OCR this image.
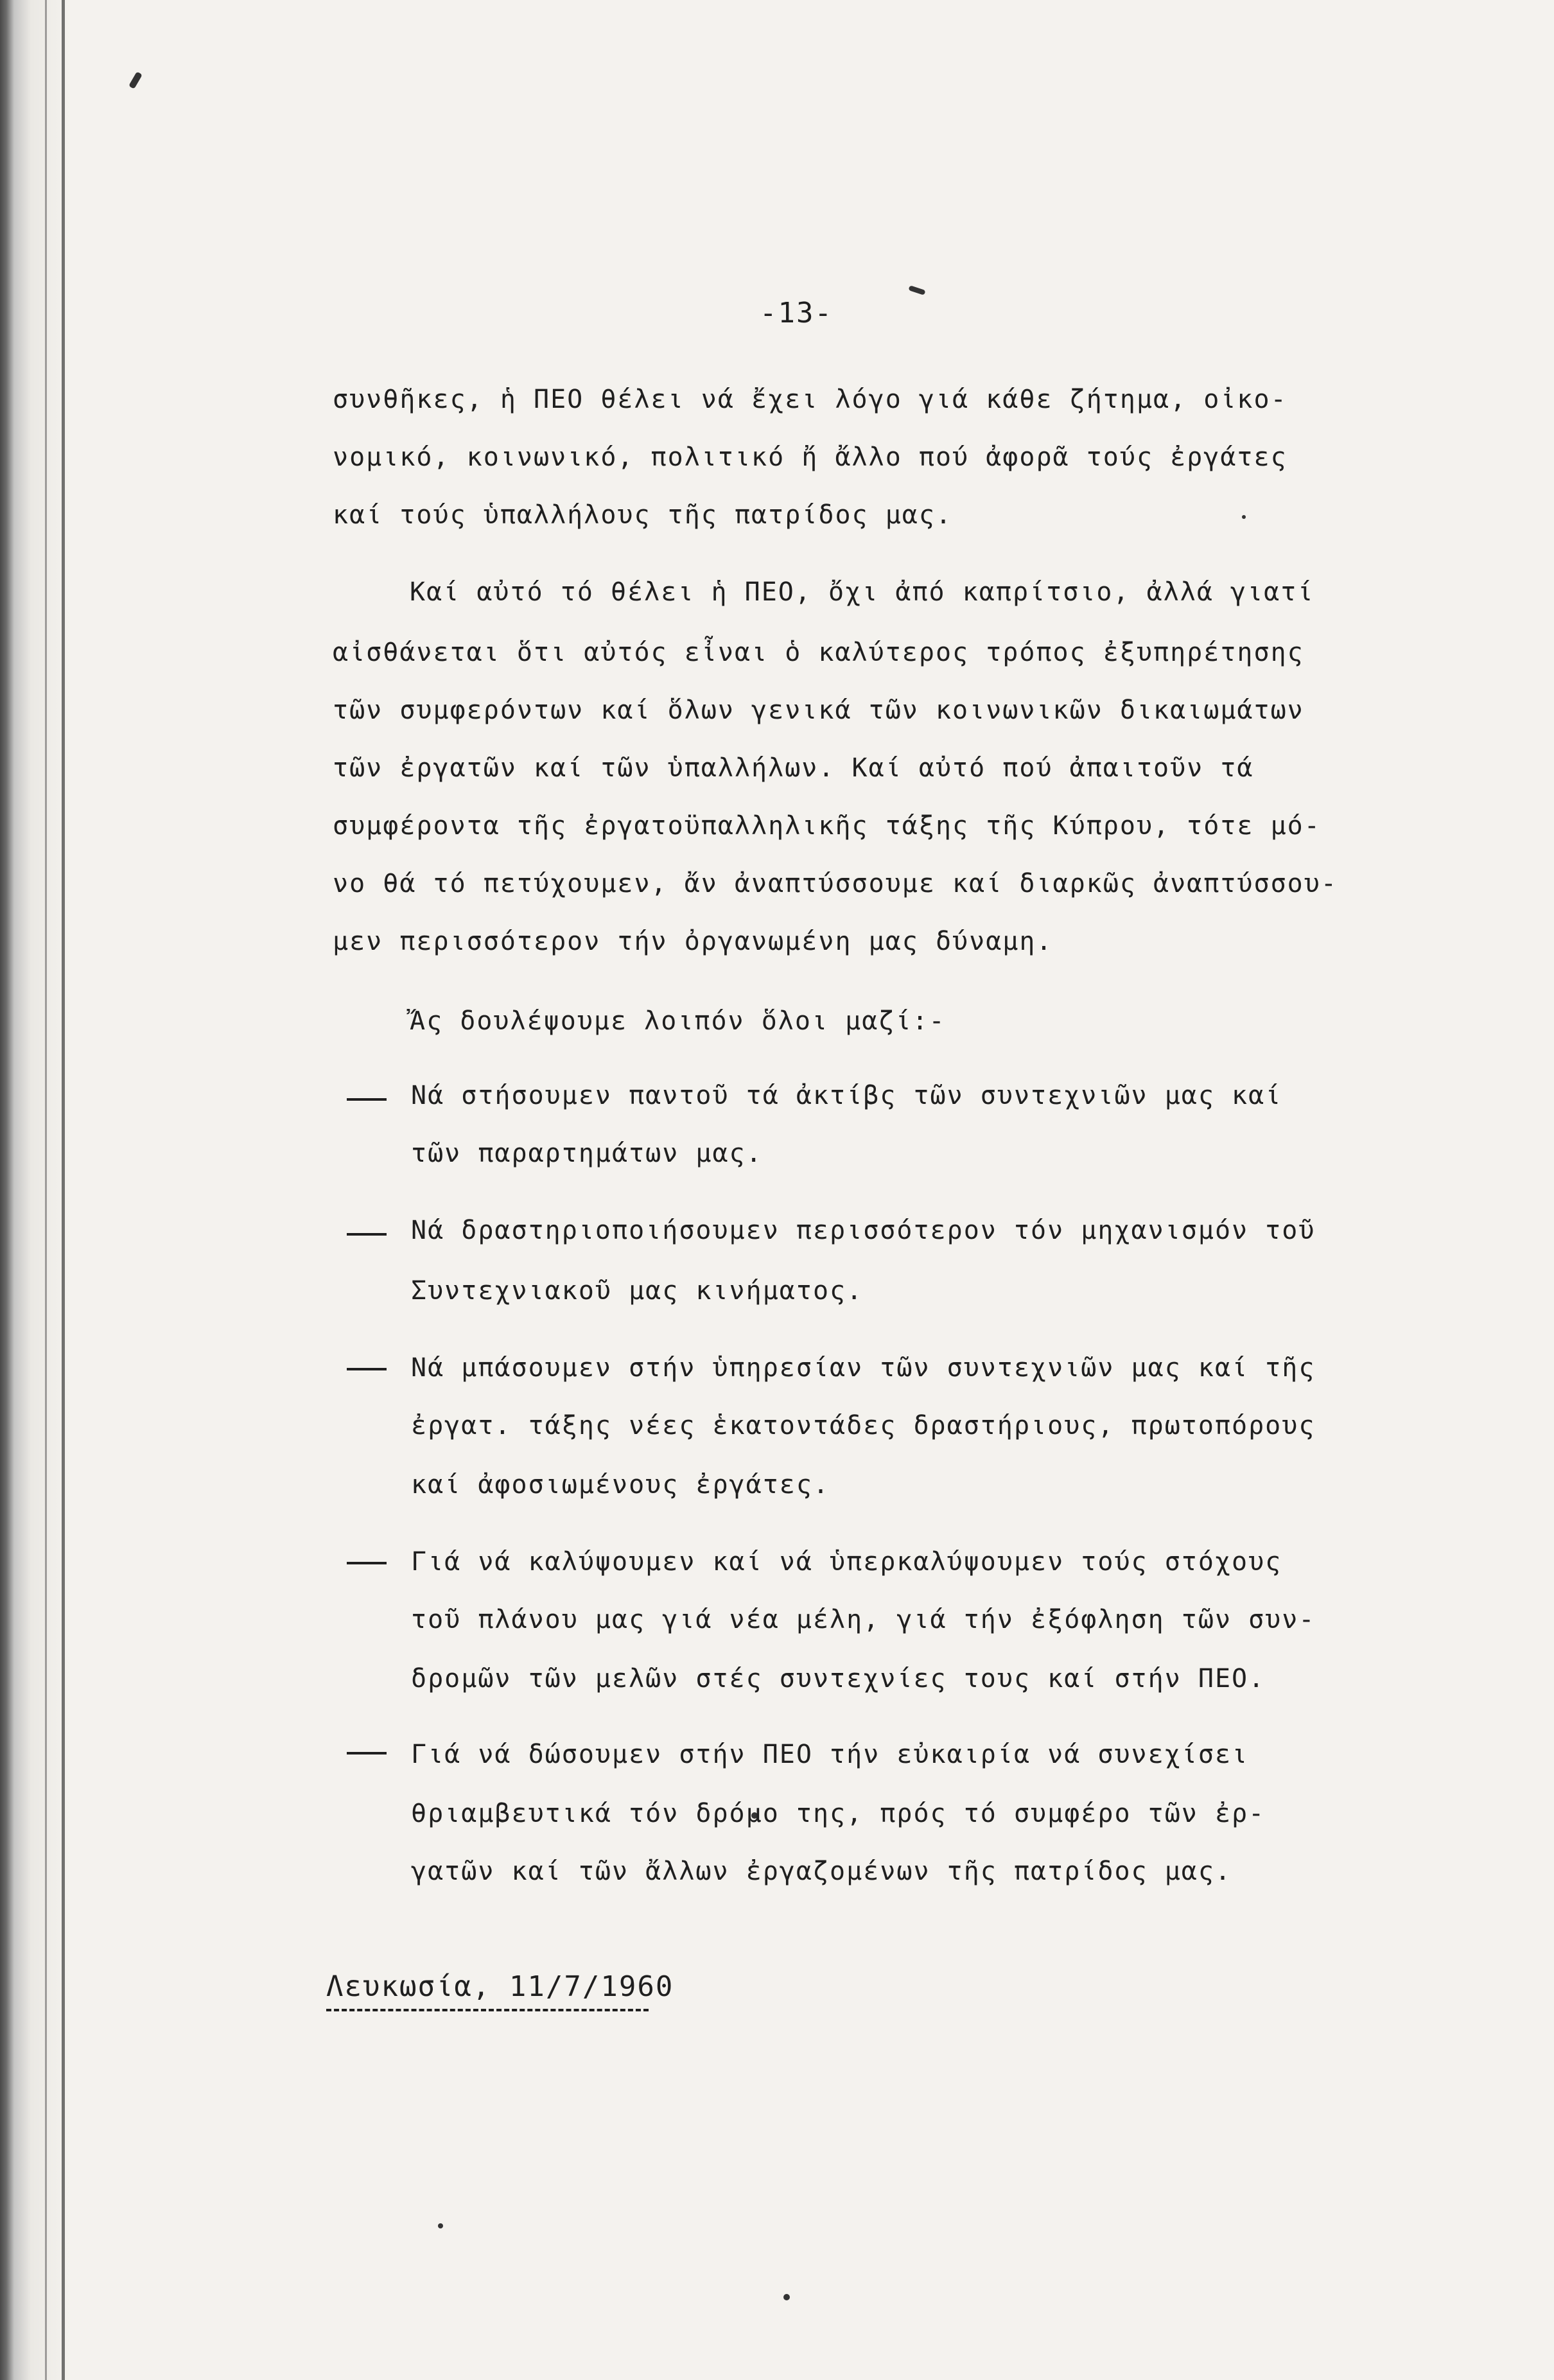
-13-
συνθῆκες, ἡ ΠΕΟ θέλει νά ἔχει λόγο γιά κάθε ζήτημα, οἰκο-
νομικό, κοινωνικό, πολιτικό ἤ ἄλλο πού ἀφορᾶ τούς ἐργάτες
καί τούς ὑπαλλήλους τῆς πατρίδος μας.
Καί αὐτό τό θέλει ἡ ΠΕΟ, ὄχι ἀπό καπρίτσιο, ἀλλά γιατί
αἰσθάνεται ὅτι αὐτός εἶναι ὁ καλύτερος τρόπος ἐξυπηρέτησης
τῶν συμφερόντων καί ὅλων γενικά τῶν κοινωνικῶν δικαιωμάτων
τῶν ἐργατῶν καί τῶν ὑπαλλήλων. Καί αὐτό πού ἀπαιτοῦν τά
συμφέροντα τῆς ἐργατοϋπαλληλικῆς τάξης τῆς Κύπρου, τότε μό-
νο θά τό πετύχουμεν, ἄν ἀναπτύσσουμε καί διαρκῶς ἀναπτύσσου-
μεν περισσότερον τήν ὀργανωμένη μας δύναμη.
Ἄς δουλέψουμε λοιπόν ὅλοι μαζί:-
Νά στήσουμεν παντοῦ τά ἀκτίβς τῶν συντεχνιῶν μας καί
τῶν παραρτημάτων μας.
Νά δραστηριοποιήσουμεν περισσότερον τόν μηχανισμόν τοῦ
Συντεχνιακοῦ μας κινήματος.
Νά μπάσουμεν στήν ὑπηρεσίαν τῶν συντεχνιῶν μας καί τῆς
ἐργατ. τάξης νέες ἑκατοντάδες δραστήριους, πρωτοπόρους
καί ἀφοσιωμένους ἐργάτες.
Γιά νά καλύψουμεν καί νά ὑπερκαλύψουμεν τούς στόχους
τοῦ πλάνου μας γιά νέα μέλη, γιά τήν ἐξόφληση τῶν συν-
δρομῶν τῶν μελῶν στές συντεχνίες τους καί στήν ΠΕΟ.
Γιά νά δώσουμεν στήν ΠΕΟ τήν εὐκαιρία νά συνεχίσει
θριαμβευτικά τόν δρόμο της, πρός τό συμφέρο τῶν ἐρ-
γατῶν καί τῶν ἄλλων ἐργαζομένων τῆς πατρίδος μας.
Λευκωσία, 11/7/1960
